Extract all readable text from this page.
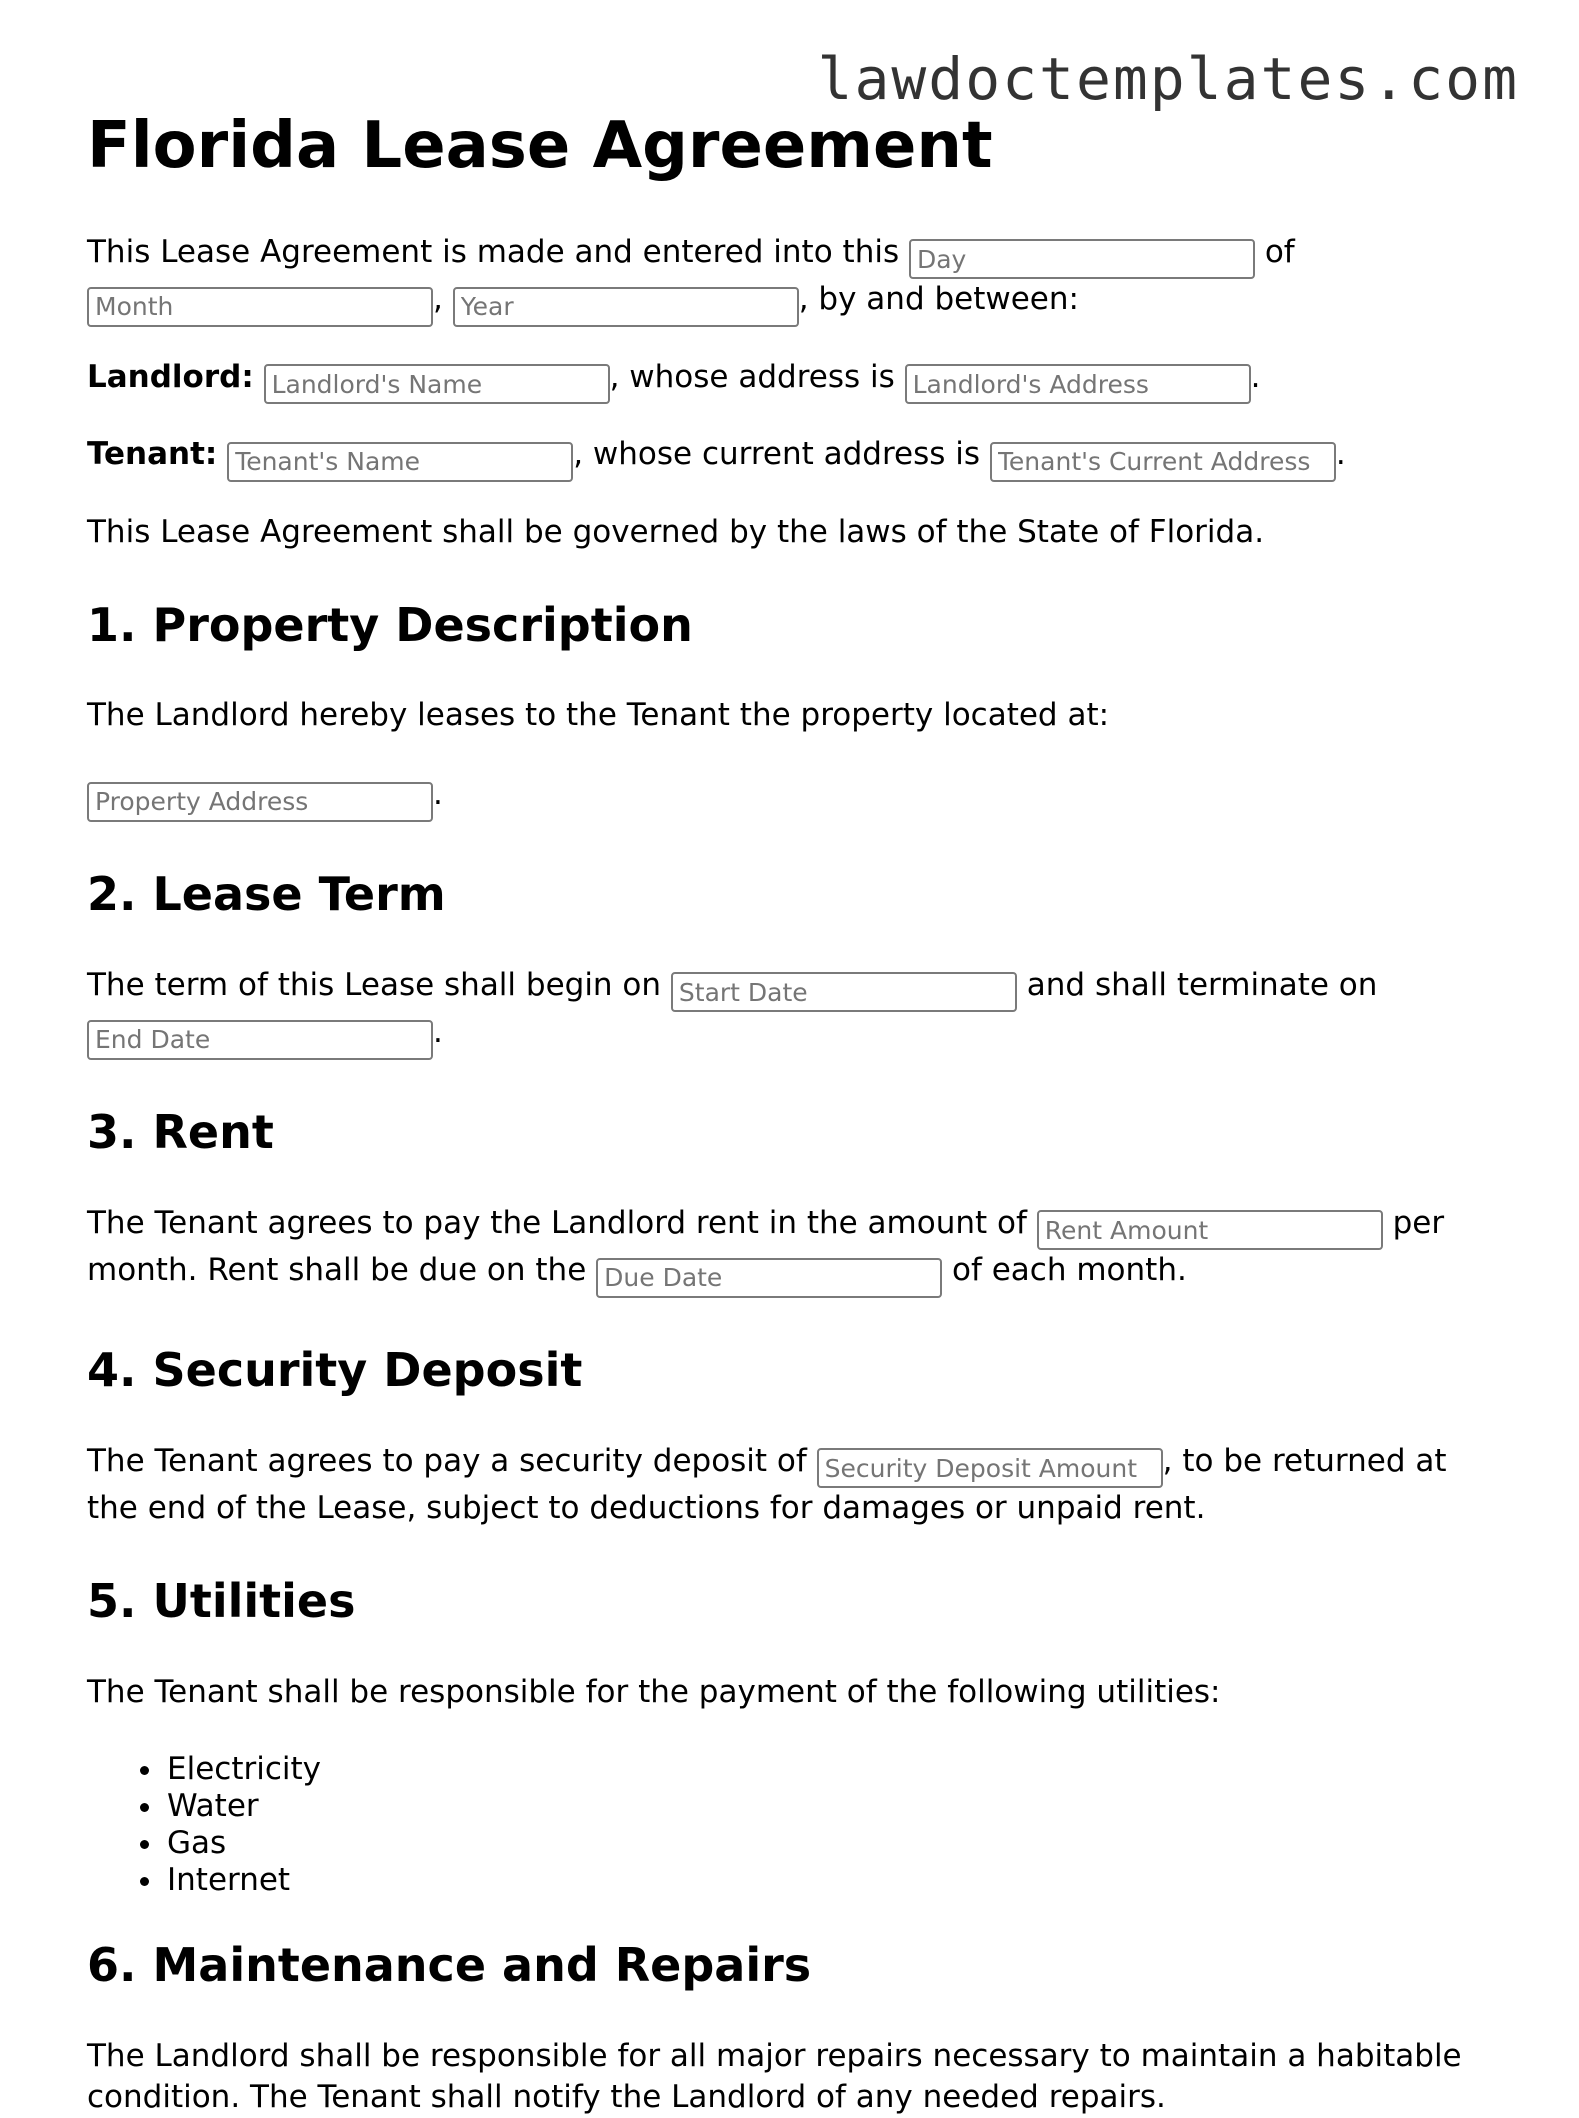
lawdoctemplates.com
Florida Lease Agreement

This Lease Agreement is made and entered into this Day	of
Month, Year	, by and between:

Landlord: Landlord's Name	, whose address is Landlord's Address	.

Tenant: Tenant's Name	, whose current address is Tenant's Current Address	.

This Lease Agreement shall be governed by the laws of the State of Florida.

1. Property Description

The Landlord hereby leases to the Tenant the property located at:

Property Address.

2. Lease Term

The term of this Lease shall begin on Start Date	and shall terminate on
End Date.

3. Rent

The Tenant agrees to pay the Landlord rent in the amount of Rent Amount	per month. Rent shall be due on the Due Date	of each month.

4. Security Deposit

The Tenant agrees to pay a security deposit of Security Deposit Amount	, to be returned at the end of the Lease, subject to deductions for damages or unpaid rent.

5. Utilities

The Tenant shall be responsible for the payment of the following utilities:

• Electricity
• Water
• Gas
• Internet
6. Maintenance and Repairs

The Landlord shall be responsible for all major repairs necessary to maintain a habitable condition. The Tenant shall notify the Landlord of any needed repairs.
